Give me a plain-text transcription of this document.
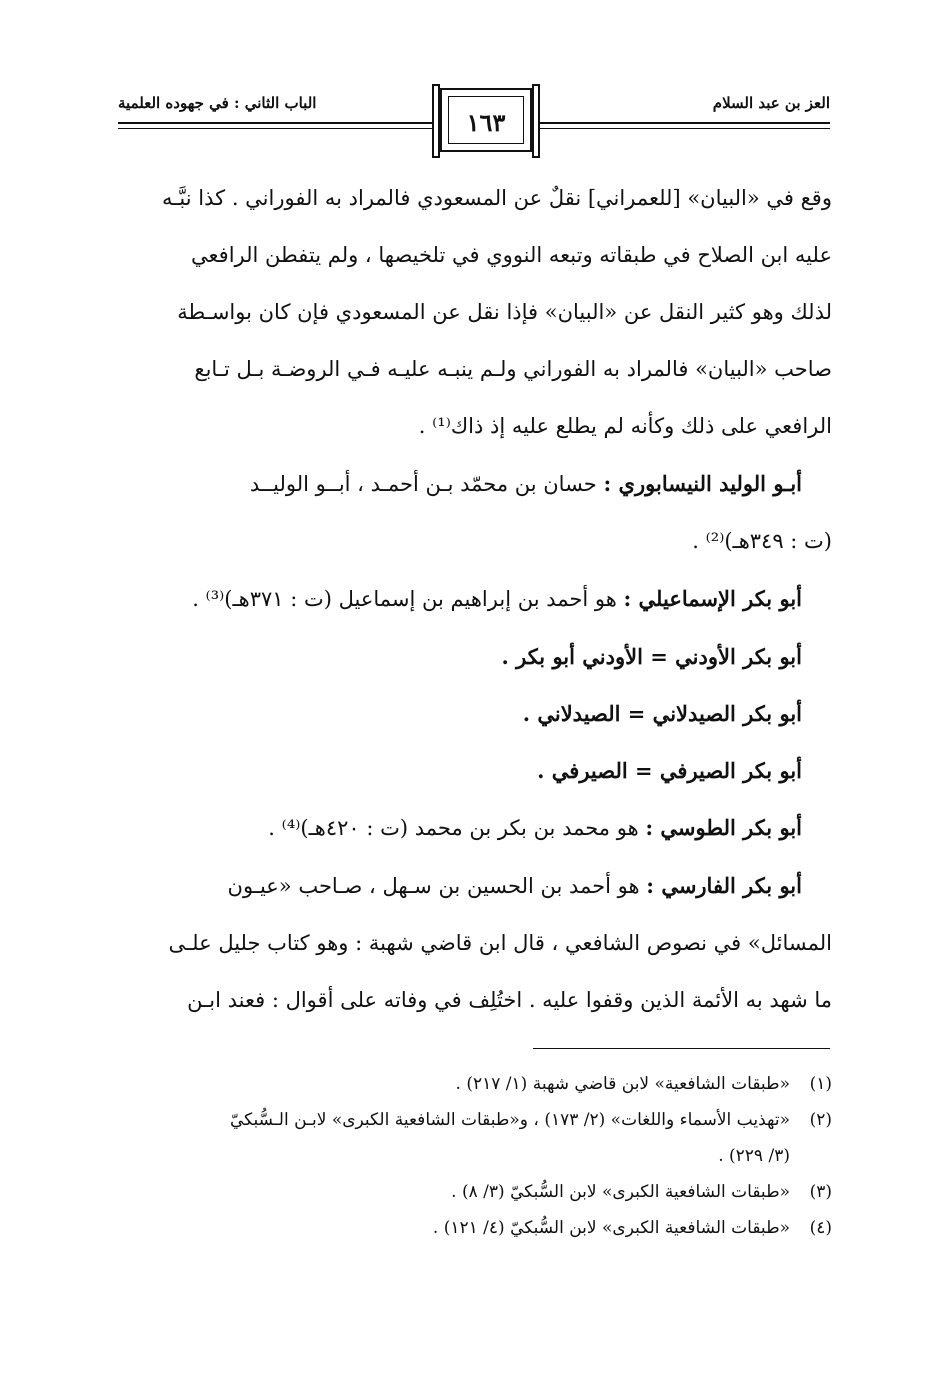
العز بن عبد السلام
الباب الثاني : في جهوده العلمية
١٦٣

وقع في «البيان» [للعمراني] نقلٌ عن المسعودي فالمراد به الفوراني . كذا نبَّـه
عليه ابن الصلاح في طبقاته وتبعه النووي في تلخيصها ، ولم يتفطن الرافعي
لذلك وهو كثير النقل عن «البيان» فإذا نقل عن المسعودي فإن كان بواسـطة
صاحب «البيان» فالمراد به الفوراني ولـم ينبـه عليـه فـي الروضـة بـل تـابع
الرافعي على ذلك وكأنه لم يطلع عليه إذ ذاك⁽¹⁾ .

أبـو الوليد النيسابوري : حسان بن محمّد بـن أحمـد ، أبــو الوليــد
(ت : ٣٤٩هـ)⁽²⁾ .

أبو بكر الإسماعيلي : هو أحمد بن إبراهيم بن إسماعيل (ت : ٣٧١هـ)⁽³⁾ .

أبو بكر الأودني = الأودني أبو بكر .

أبو بكر الصيدلاني = الصيدلاني .

أبو بكر الصيرفي = الصيرفي .

أبو بكر الطوسي : هو محمد بن بكر بن محمد (ت : ٤٢٠هـ)⁽⁴⁾ .

أبو بكر الفارسي : هو أحمد بن الحسين بن سـهل ، صـاحب «عيـون
المسائل» في نصوص الشافعي ، قال ابن قاضي شهبة : وهو كتاب جليل علـى
ما شهد به الأئمة الذين وقفوا عليه . اختُلِف في وفاته على أقوال : فعند ابـن

(١)«طبقات الشافعية» لابن قاضي شهبة (١/ ٢١٧) .
(٢)«تهذيب الأسماء واللغات» (٢/ ١٧٣) ، و«طبقات الشافعية الكبرى» لابـن الـسُّبكيّ
(٣/ ٢٢٩) .
(٣)«طبقات الشافعية الكبرى» لابن السُّبكيّ (٣/ ٨) .
(٤)«طبقات الشافعية الكبرى» لابن السُّبكيّ (٤/ ١٢١) .
